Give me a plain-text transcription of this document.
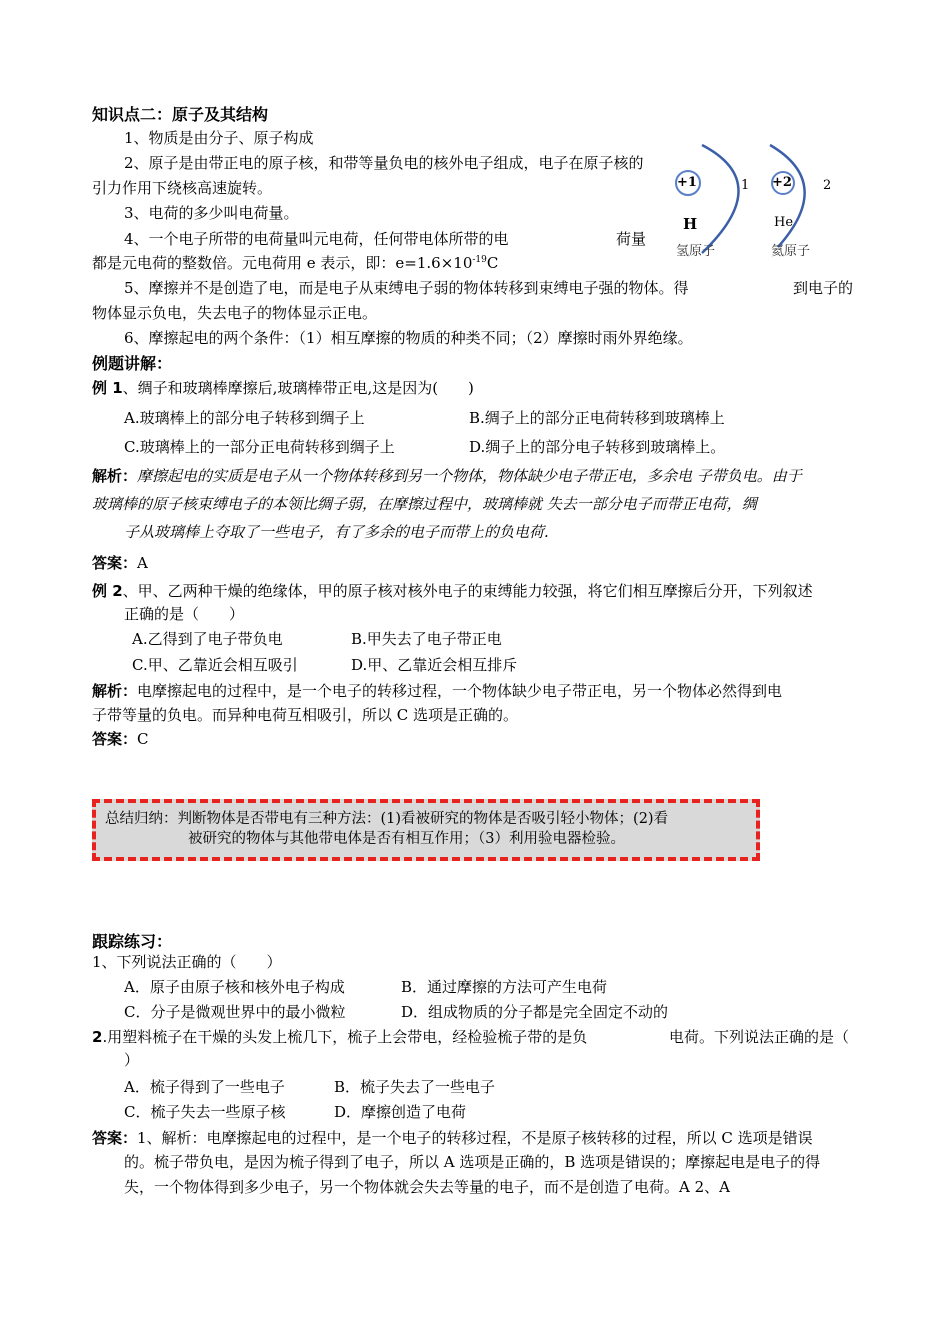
知识点二：原子及其结构
1、物质是由分子、原子构成
2、原子是由带正电的原子核，和带等量负电的核外电子组成，电子在原子核的
引力作用下绕核高速旋转。
3、电荷的多少叫电荷量。
4、一个电子所带的电荷量叫元电荷，任何带电体所带的电	荷量
都是元电荷的整数倍。元电荷用 e 表示，即：$e=1.6\times 10^{-19}C$
5、摩擦并不是创造了电，而是电子从束缚电子弱的物体转移到束缚电子强的物体。得	到电子的
物体显示负电，失去电子的物体显示正电。
6、摩擦起电的两个条件：（1）相互摩擦的物质的种类不同；（2）摩擦时雨外界绝缘。
+1	1
H
氢原子
+2 2
He
氦原子
例题讲解：
例 1、绸子和玻璃棒摩擦后,玻璃棒带正电,这是因为(　　)
A.玻璃棒上的部分电子转移到绸子上	B.绸子上的部分正电荷转移到玻璃棒上
C.玻璃棒上的一部分正电荷转移到绸子上	D.绸子上的部分电子转移到玻璃棒上。
解析：摩擦起电的实质是电子从一个物体转移到另一个物体，物体缺少电子带正电，多余电 子带负电。由于
玻璃棒的原子核束缚电子的本领比绸子弱，在摩擦过程中，玻璃棒就 失去一部分电子而带正电荷，绸
子从玻璃棒上夺取了一些电子，有了多余的电子而带上的负电荷.
答案：A
例 2、甲、乙两种干燥的绝缘体，甲的原子核对核外电子的束缚能力较强，将它们相互摩擦后分开，下列叙述
正确的是（　　）
A.乙得到了电子带负电	B.甲失去了电子带正电
C.甲、乙靠近会相互吸引	D.甲、乙靠近会相互排斥
解析：电摩擦起电的过程中，是一个电子的转移过程，一个物体缺少电子带正电，另一个物体必然得到电
子带等量的负电。而异种电荷互相吸引，所以 C 选项是正确的。
答案：C
总结归纳：判断物体是否带电有三种方法：(1)看被研究的物体是否吸引轻小物体；(2)看
被研究的物体与其他带电体是否有相互作用；（3）利用验电器检验。
跟踪练习：
1、下列说法正确的（　　）
A．原子由原子核和核外电子构成	B．通过摩擦的方法可产生电荷
C．分子是微观世界中的最小微粒	D．组成物质的分子都是完全固定不动的
2.用塑料梳子在干燥的头发上梳几下，梳子上会带电，经检验梳子带的是负	电荷。下列说法正确的是（
）
A．梳子得到了一些电子	B．梳子失去了一些电子
C．梳子失去一些原子核	D．摩擦创造了电荷
答案：1、解析：电摩擦起电的过程中，是一个电子的转移过程，不是原子核转移的过程，所以 C 选项是错误
的。梳子带负电，是因为梳子得到了电子，所以 A 选项是正确的，B 选项是错误的；摩擦起电是电子的得
失，一个物体得到多少电子，另一个物体就会失去等量的电子，而不是创造了电荷。A 2、A
